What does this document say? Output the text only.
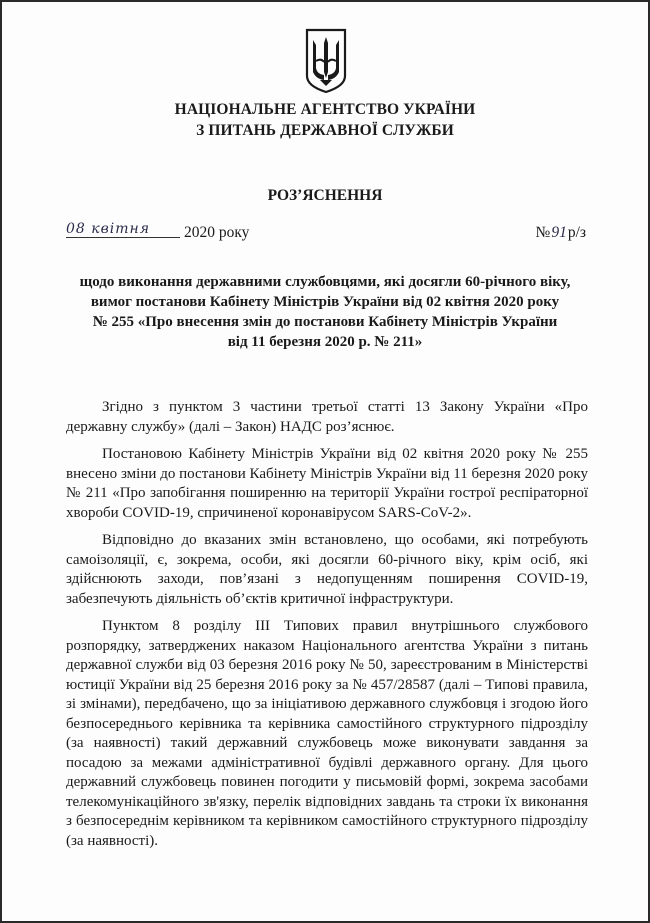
НАЦІОНАЛЬНЕ АГЕНТСТВО УКРАЇНИ
З ПИТАНЬ ДЕРЖАВНОЇ СЛУЖБИ
РОЗ’ЯСНЕННЯ
08 квітня	2020 року	№91р/з
щодо виконання державними службовцями, які досягли 60-річного віку,
вимог постанови Кабінету Міністрів України від 02 квітня 2020 року
№ 255 «Про внесення змін до постанови Кабінету Міністрів України
від 11 березня 2020 р. № 211»

Згідно з пунктом 3 частини третьої статті 13 Закону України «Про державну службу» (далі – Закон) НАДС роз’яснює.

Постановою Кабінету Міністрів України від 02 квітня 2020 року № 255 внесено зміни до постанови Кабінету Міністрів України від 11 березня 2020 року № 211 «Про запобігання поширенню на території України гострої респіраторної хвороби COVID-19, спричиненої коронавірусом SARS-CoV-2».

Відповідно до вказаних змін встановлено, що особами, які потребують самоізоляції, є, зокрема, особи, які досягли 60-річного віку, крім осіб, які здійснюють заходи, пов’язані з недопущенням поширення COVID-19, забезпечують діяльність об’єктів критичної інфраструктури.

Пунктом 8 розділу III Типових правил внутрішнього службового розпорядку, затверджених наказом Національного агентства України з питань державної служби від 03 березня 2016 року № 50, зареєстрованим в Міністерстві юстиції України від 25 березня 2016 року за № 457/28587 (далі – Типові правила, зі змінами), передбачено, що за ініціативою державного службовця і згодою його безпосереднього керівника та керівника самостійного структурного підрозділу (за наявності) такий державний службовець може виконувати завдання за посадою за межами адміністративної будівлі державного органу. Для цього державний службовець повинен погодити у письмовій формі, зокрема засобами телекомунікаційного зв'язку, перелік відповідних завдань та строки їх виконання з безпосереднім керівником та керівником самостійного структурного підрозділу (за наявності).
